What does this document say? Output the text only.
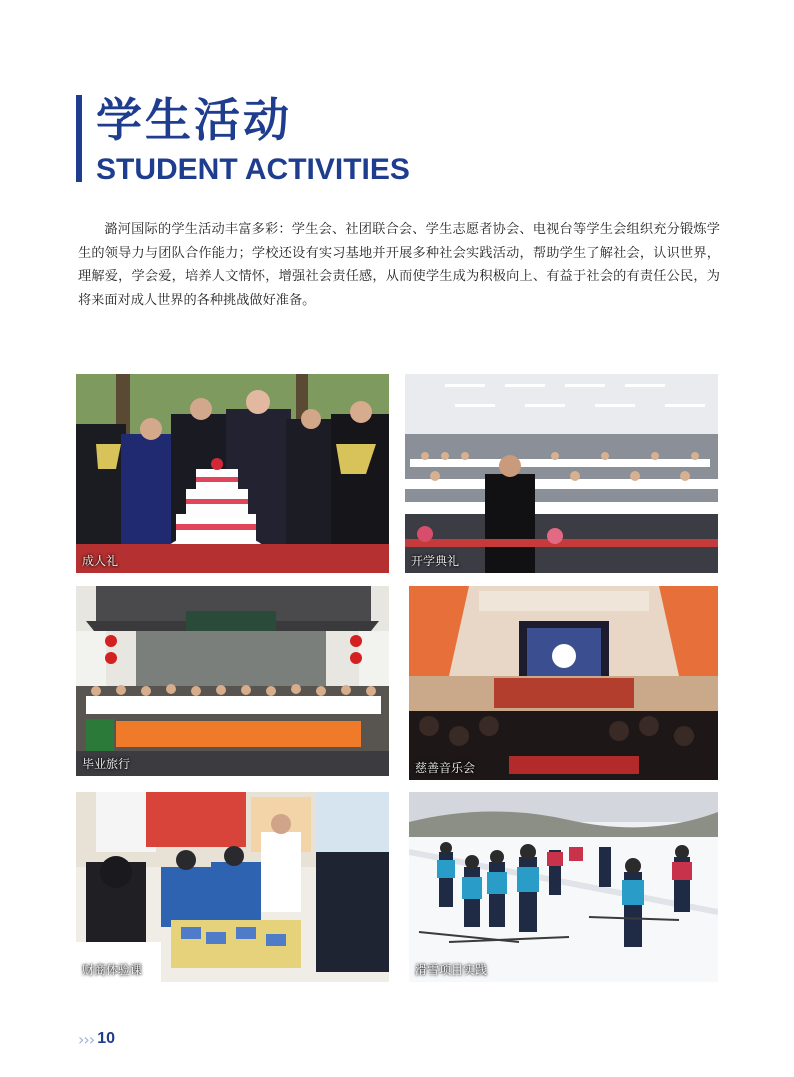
学生活动
STUDENT ACTIVITIES

潞河国际的学生活动丰富多彩：学生会、社团联合会、学生志愿者协会、电视台等学生会组织充分锻炼学生的领导力与团队合作能力；学校还设有实习基地并开展多种社会实践活动，帮助学生了解社会，认识世界，理解爱，学会爱，培养人文情怀，增强社会责任感，从而使学生成为积极向上、有益于社会的有责任公民，为将来面对成人世界的各种挑战做好准备。

成人礼	开学典礼
毕业旅行	慈善音乐会
财商体验课	滑雪项目实践
››› 10
